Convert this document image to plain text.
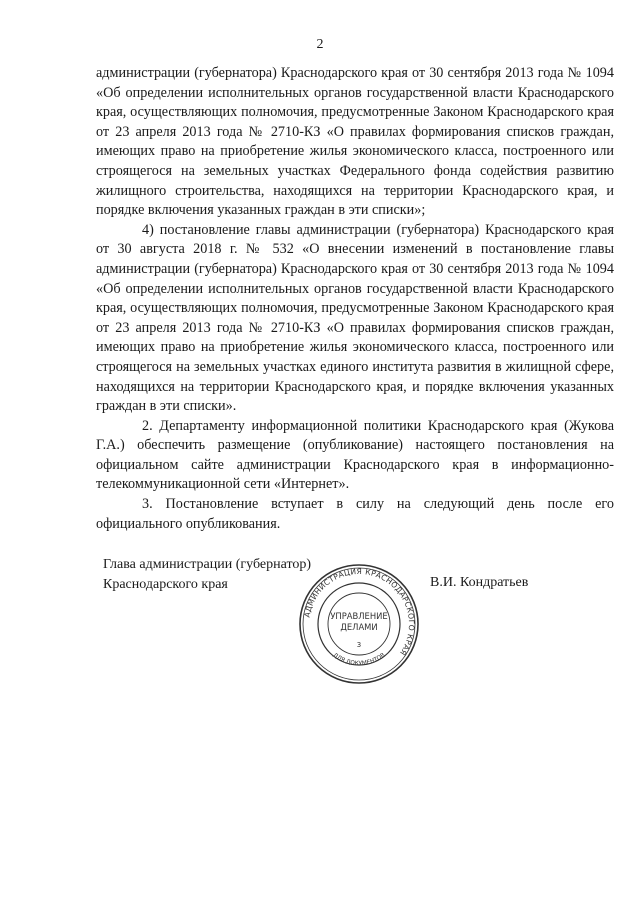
2

администрации (губернатора) Краснодарского края от 30 сентября 2013 года № 1094 «Об определении исполнительных органов государственной власти Краснодарского края, осуществляющих полномочия, предусмотренные Законом Краснодарского края от 23 апреля 2013 года № 2710-КЗ «О правилах формирования списков граждан, имеющих право на приобретение жилья экономического класса, построенного или строящегося на земельных участках Федерального фонда содействия развитию жилищного строительства, находящихся на территории Краснодарского края, и порядке включения указанных граждан в эти списки»;

4) постановление главы администрации (губернатора) Краснодарского края от 30 августа 2018 г. № 532 «О внесении изменений в постановление главы администрации (губернатора) Краснодарского края от 30 сентября 2013 года № 1094 «Об определении исполнительных органов государственной власти Краснодарского края, осуществляющих полномочия, предусмотренные Законом Краснодарского края от 23 апреля 2013 года № 2710-КЗ «О правилах формирования списков граждан, имеющих право на приобретение жилья экономического класса, построенного или строящегося на земельных участках единого института развития в жилищной сфере, находящихся на территории Краснодарского края, и порядке включения указанных граждан в эти списки».

2. Департаменту информационной политики Краснодарского края (Жукова Г.А.) обеспечить размещение (опубликование) настоящего постановления на официальном сайте администрации Краснодарского края в информационно-телекоммуникационной сети «Интернет».

3. Постановление вступает в силу на следующий день после его официального опубликования.

Глава администрации (губернатор)
Краснодарского края	В.И. Кондратьев
АДМИНИСТРАЦИЯ КРАСНОДАРСКОГО КРАЯ
ДЛЯ ДОКУМЕНТОВ
УПРАВЛЕНИЕ
ДЕЛАМИ
3
